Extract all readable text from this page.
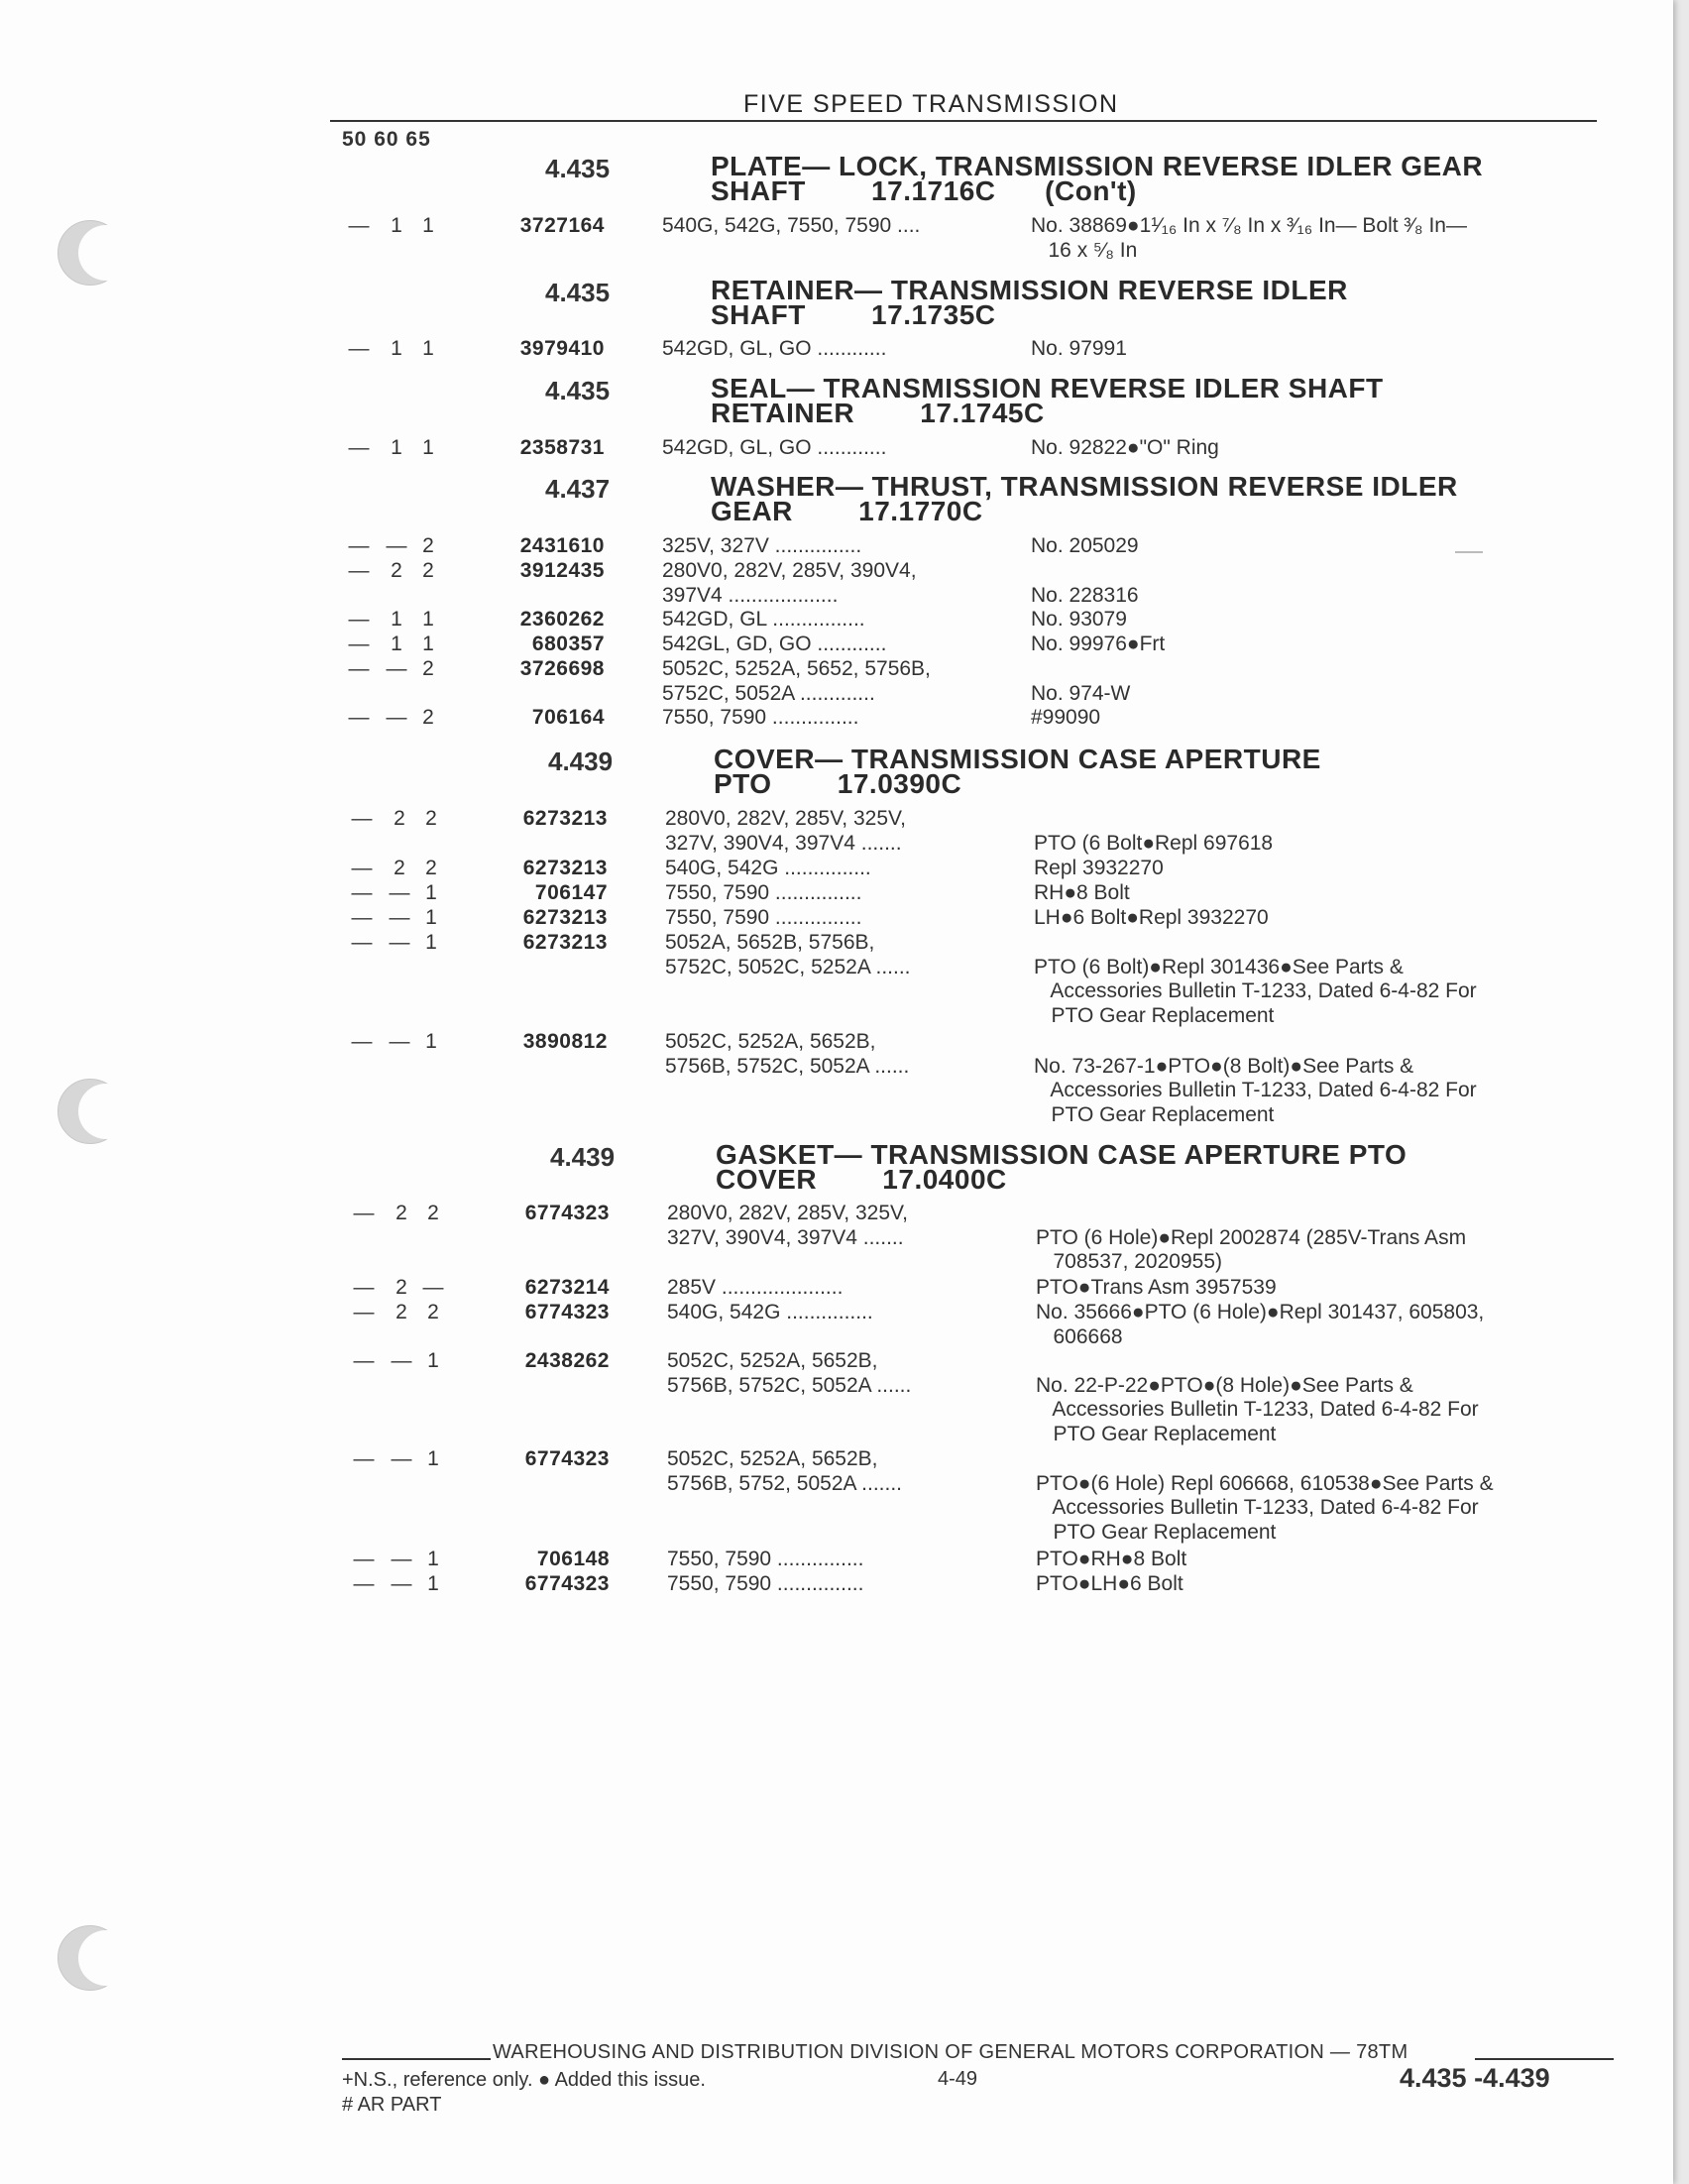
FIVE SPEED TRANSMISSION
50 60 65
4.435	PLATE— LOCK, TRANSMISSION REVERSE IDLER GEAR
SHAFT        17.1716C      (Con't)
— 1 1	3727164	540G, 542G, 7550, 7590 ....	No. 38869●1¹⁄₁₆ In x ⁷⁄₈ In x ³⁄₁₆ In— Bolt ³⁄₈ In—
16 x ⁵⁄₈ In
4.435	RETAINER— TRANSMISSION REVERSE IDLER
SHAFT        17.1735C
— 1 1	3979410	542GD, GL, GO ............	No. 97991
4.435	SEAL— TRANSMISSION REVERSE IDLER SHAFT
RETAINER        17.1745C
— 1 1	2358731	542GD, GL, GO ............	No. 92822●"O" Ring
4.437	WASHER— THRUST, TRANSMISSION REVERSE IDLER
GEAR        17.1770C
— — 2	2431610	325V, 327V ...............	No. 205029
— 2 2	3912435	280V0, 282V, 285V, 390V4,
397V4 ...................	No. 228316
— 1 1	2360262	542GD, GL ................	No. 93079
— 1 1	680357	542GL, GD, GO ............	No. 99976●Frt
— — 2	3726698	5052C, 5252A, 5652, 5756B,
5752C, 5052A .............	No. 974-W
— — 2	706164	7550, 7590 ...............	#99090
4.439	COVER— TRANSMISSION CASE APERTURE
PTO        17.0390C
— 2 2	6273213	280V0, 282V, 285V, 325V,
327V, 390V4, 397V4 .......	PTO (6 Bolt●Repl 697618
— 2 2	6273213	540G, 542G ...............	Repl 3932270
— — 1	706147	7550, 7590 ...............	RH●8 Bolt
— — 1	6273213	7550, 7590 ...............	LH●6 Bolt●Repl 3932270
— — 1	6273213	5052A, 5652B, 5756B,
5752C, 5052C, 5252A ......	PTO (6 Bolt)●Repl 301436●See Parts &
Accessories Bulletin T-1233, Dated 6-4-82 For
PTO Gear Replacement
— — 1	3890812	5052C, 5252A, 5652B,
5756B, 5752C, 5052A ......	No. 73-267-1●PTO●(8 Bolt)●See Parts &
Accessories Bulletin T-1233, Dated 6-4-82 For
PTO Gear Replacement
4.439	GASKET— TRANSMISSION CASE APERTURE PTO
COVER        17.0400C
— 2 2	6774323	280V0, 282V, 285V, 325V,
327V, 390V4, 397V4 .......	PTO (6 Hole)●Repl 2002874 (285V-Trans Asm
708537, 2020955)
— 2 —	6273214	285V .....................	PTO●Trans Asm 3957539
— 2 2	6774323	540G, 542G ...............	No. 35666●PTO (6 Hole)●Repl 301437, 605803,
606668
— — 1	2438262	5052C, 5252A, 5652B,
5756B, 5752C, 5052A ......	No. 22-P-22●PTO●(8 Hole)●See Parts &
Accessories Bulletin T-1233, Dated 6-4-82 For
PTO Gear Replacement
— — 1	6774323	5052C, 5252A, 5652B,
5756B, 5752, 5052A .......	PTO●(6 Hole) Repl 606668, 610538●See Parts &
Accessories Bulletin T-1233, Dated 6-4-82 For
PTO Gear Replacement
— — 1	706148	7550, 7590 ...............	PTO●RH●8 Bolt
— — 1	6774323	7550, 7590 ...............	PTO●LH●6 Bolt
WAREHOUSING AND DISTRIBUTION DIVISION OF GENERAL MOTORS CORPORATION — 78TM
+N.S., reference only. ● Added this issue.
# AR PART
4-49	4.435 -4.439
